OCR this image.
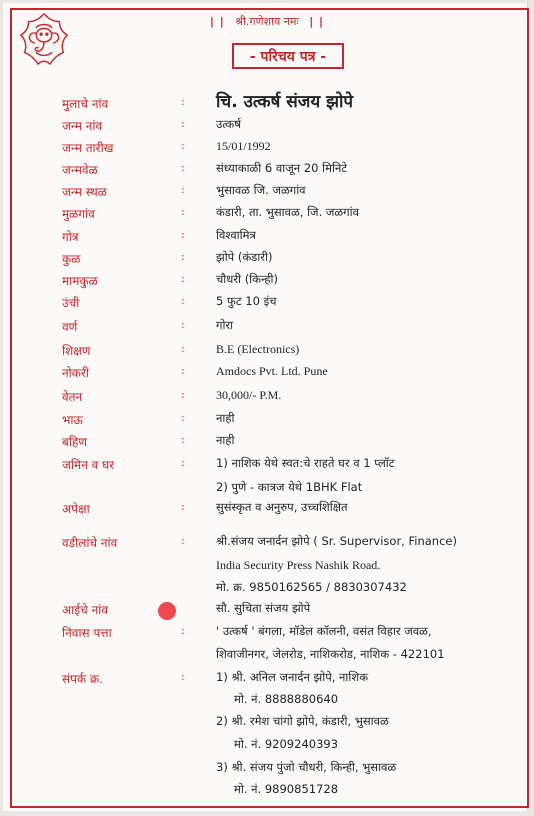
| | श्री.गणेशाय नमः | |
- परिचय पत्र -
मुलाचे नांव	: चि. उत्कर्ष संजय झोपे
जन्म नांव	:	उत्कर्ष
जन्म तारीख	:	15/01/1992
जन्मवेळ	:	संध्याकाळी 6 वाजून 20 मिनिटे
जन्म स्थळ	:	भुसावळ जि. जळगांव
मुळगांव	:	कंडारी, ता. भुसावळ, जि. जळगांव
गोत्र	:	विश्वामित्र
कुळ	:	झोपे (कंडारी)
मामकुळ	:	चौधरी (किन्ही)
उंची	:	5 फुट 10 इंच
वर्ण	:	गोरा
शिक्षण	:	B.E (Electronics)
नोकरी	:	Amdocs Pvt. Ltd. Pune
वेतन	:	30,000/- P.M.
भाऊ	:	नाही
बहिण	:	नाही
जमिन व घर	:	1) नाशिक येथे स्वत:चे राहते घर व 1 प्लॉट
2) पुणे - कात्रज येथे 1BHK Flat
अपेक्षा	:	सुसंस्कृत व अनुरुप, उच्चशिक्षित
वडीलांचे नांव	:	श्री.संजय जनार्दन झोपे ( Sr. Supervisor, Finance)
India Security Press Nashik Road.
मो. क्र. 9850162565 / 8830307432
आईचे नांव	सौ. सुचिता संजय झोपे
निवास पत्ता	:	' उत्कर्ष ' बंगला, मॉडेल कॉलनी, वसंत विहार जवळ,
शिवाजीनगर, जेलरोड, नाशिकरोड, नाशिक - 422101
संपर्क क्र.	:	1) श्री. अनिल जनार्दन झोपे, नाशिक
मो. नं. 8888880640
2) श्री. रमेश चांगो झोपे, कंडारी, भुसावळ
मो. नं. 9209240393
3) श्री. संजय पुंजो चौधरी, किन्ही, भुसावळ
मो. नं. 9890851728
